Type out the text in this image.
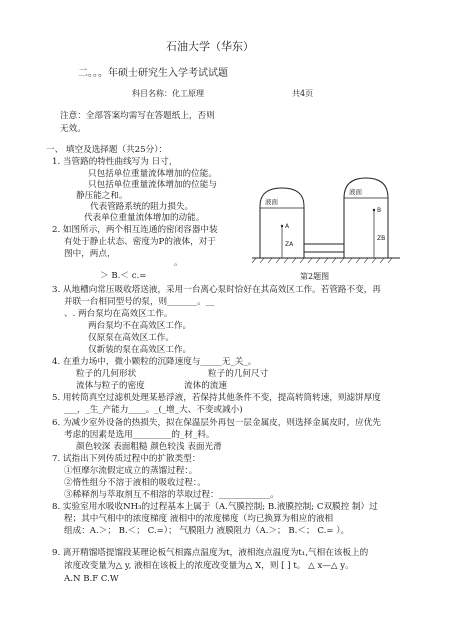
石油大学（华东）
二。。。年硕士研究生入学考试试题
科目名称：化工原理	共4页
注意：全部答案均需写在答题纸上，否则
无效。
一、 填空及选择题（共25分）：
1. 当管路的特性曲线写为 日寸，
只包括单位重量流体增加的位能。
只包括单位重量流体增加的位能与
静压能之和。
代表管路系统的阻力损失。
代表单位重量流体增加的动能。
2. 如图所示，两个相互连通的密闭容器中装
有处于静止状态、密度为P的液体，对于
图中，两点，
。
＞ B.＜ c.=	第2题图
液面
液面
A
ZA
B
ZB
3. 从地槽向常压吸收塔送液，采用一台离心泵时恰好在其高效区工作。若管路不变，再
并联一台相同型号的泵，则_______。__
、. 两台泵均在高效区工作。
两台泵均不在高效区工作。
仅原泵在高效区工作。
仅新装的泵在高效区工作。
4. 在重力场中，微小颗粒的沉降速度与_____无_关_。
粒子的几何形状	粒子的几何尺寸
流体与粒子的密度	流体的流速
5. 用转筒真空过滤机处理某悬浮液，若保持其他条件不变，提高转筒转速，则滤饼厚度
___，_生_产能力____。_(_增_大、不变或减小)
6. 为减少室外设备的热损失，拟在保温层外再包一层金属皮，则选择金属皮时，应优先
考虑的因素是选用_________的_材_料。
颜色较深 表面粗糙 颜色较浅 表面光滑
7. 试指出下列传质过程中的扩散类型：
①恒摩尔流假定成立的蒸馏过程：。
②惰性组分不溶于液相的吸收过程：。
③稀释剂与萃取剂互不相溶的萃取过程：____________。
8. 实验室用水吸收NH₃的过程基本上属于（A.气膜控制; B.液膜控制; C双膜控 制）过
程；其中气相中的浓度梯度 液相中的浓度梯度（均已换算为相应的液相
组成：A.＞； B.＜； C.=）； 气膜阻力 液膜阻力（A.＞； B.＜； C.= ）。
9. 离开精馏塔提馏段某理论板气相露点温度为t，液相泡点温度为t₁,气相在该板上的
浓度改变量为△ y, 液相在该板上的浓度改变量为△ X，则 [ ] t。 △ x—△ y。
A.N B.F C.W
